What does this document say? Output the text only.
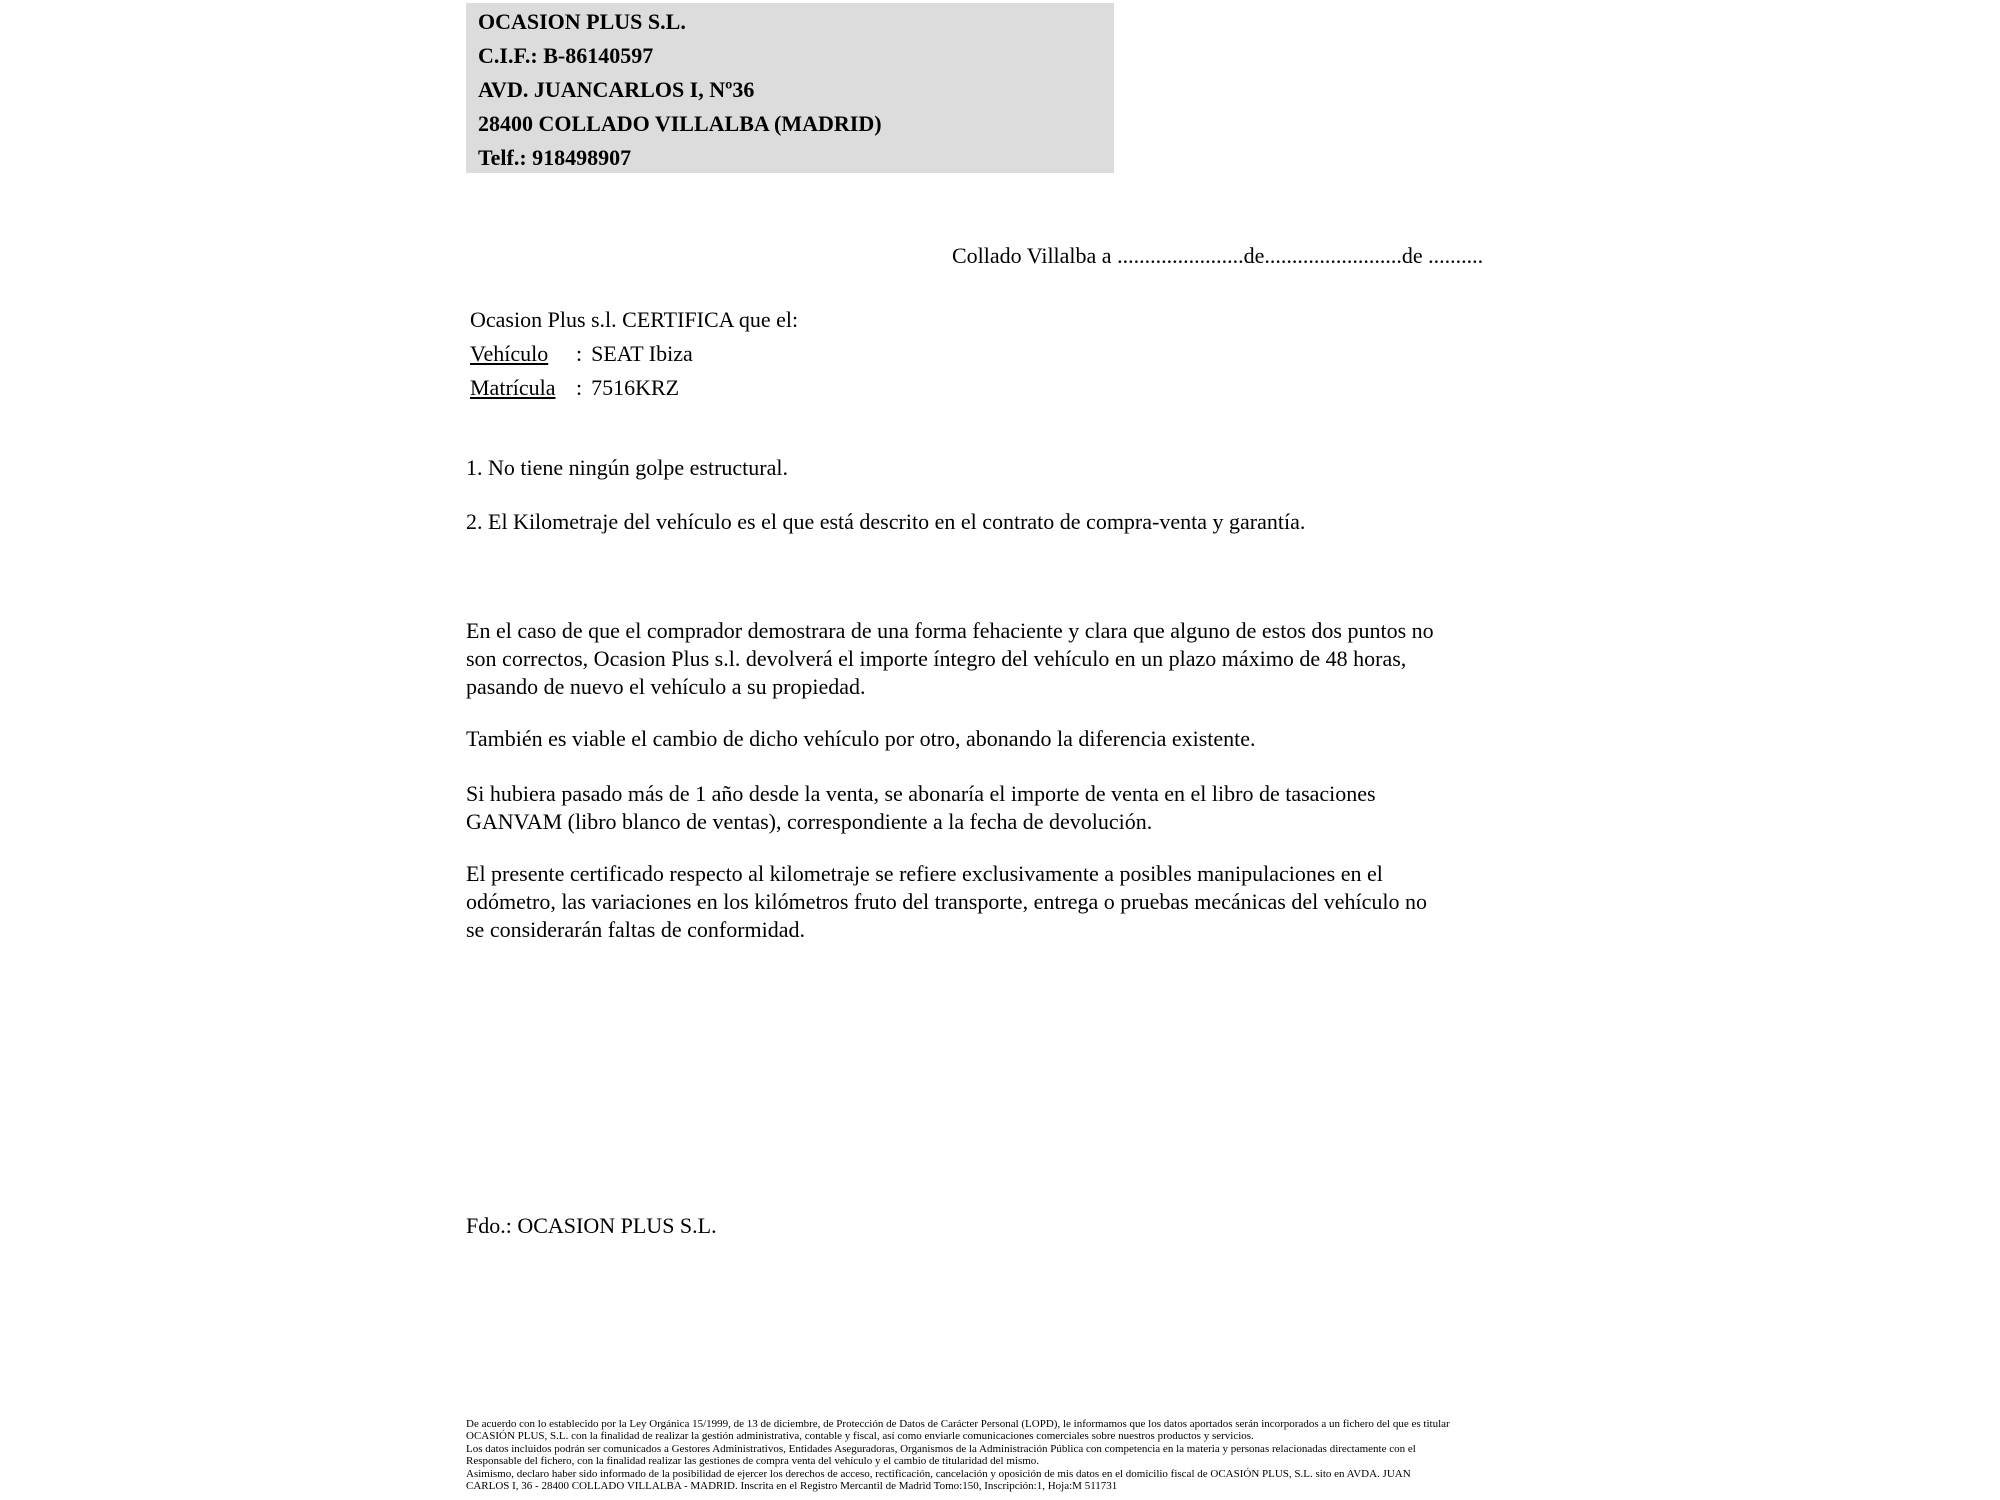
OCASION PLUS S.L.
C.I.F.: B-86140597
AVD. JUANCARLOS I, Nº36
28400 COLLADO VILLALBA (MADRID)
Telf.: 918498907
Collado Villalba a .......................de.........................de ..........
Ocasion Plus s.l. CERTIFICA que el:
Vehículo : SEAT Ibiza
Matrícula : 7516KRZ
1. No tiene ningún golpe estructural.
2. El Kilometraje del vehículo es el que está descrito en el contrato de compra-venta y garantía.
En el caso de que el comprador demostrara de una forma fehaciente y clara que alguno de estos dos puntos no
son correctos, Ocasion Plus s.l. devolverá el importe íntegro del vehículo en un plazo máximo de 48 horas,
pasando de nuevo el vehículo a su propiedad.
También es viable el cambio de dicho vehículo por otro, abonando la diferencia existente.
Si hubiera pasado más de 1 año desde la venta, se abonaría el importe de venta en el libro de tasaciones
GANVAM (libro blanco de ventas), correspondiente a la fecha de devolución.
El presente certificado respecto al kilometraje se refiere exclusivamente a posibles manipulaciones en el
odómetro, las variaciones en los kilómetros fruto del transporte, entrega o pruebas mecánicas del vehículo no
se considerarán faltas de conformidad.
Fdo.: OCASION PLUS S.L.
De acuerdo con lo establecido por la Ley Orgánica 15/1999, de 13 de diciembre, de Protección de Datos de Carácter Personal (LOPD), le informamos que los datos aportados serán incorporados a un fichero del que es titular
OCASIÓN PLUS, S.L. con la finalidad de realizar la gestión administrativa, contable y fiscal, así como enviarle comunicaciones comerciales sobre nuestros productos y servicios.
Los datos incluidos podrán ser comunicados a Gestores Administrativos, Entidades Aseguradoras, Organismos de la Administración Pública con competencia en la materia y personas relacionadas directamente con el
Responsable del fichero, con la finalidad realizar las gestiones de compra venta del vehículo y el cambio de titularidad del mismo.
Asimismo, declaro haber sido informado de la posibilidad de ejercer los derechos de acceso, rectificación, cancelación y oposición de mis datos en el domicilio fiscal de OCASIÓN PLUS, S.L. sito en AVDA. JUAN
CARLOS I, 36 - 28400 COLLADO VILLALBA - MADRID. Inscrita en el Registro Mercantil de Madrid Tomo:150, Inscripción:1, Hoja:M 511731
